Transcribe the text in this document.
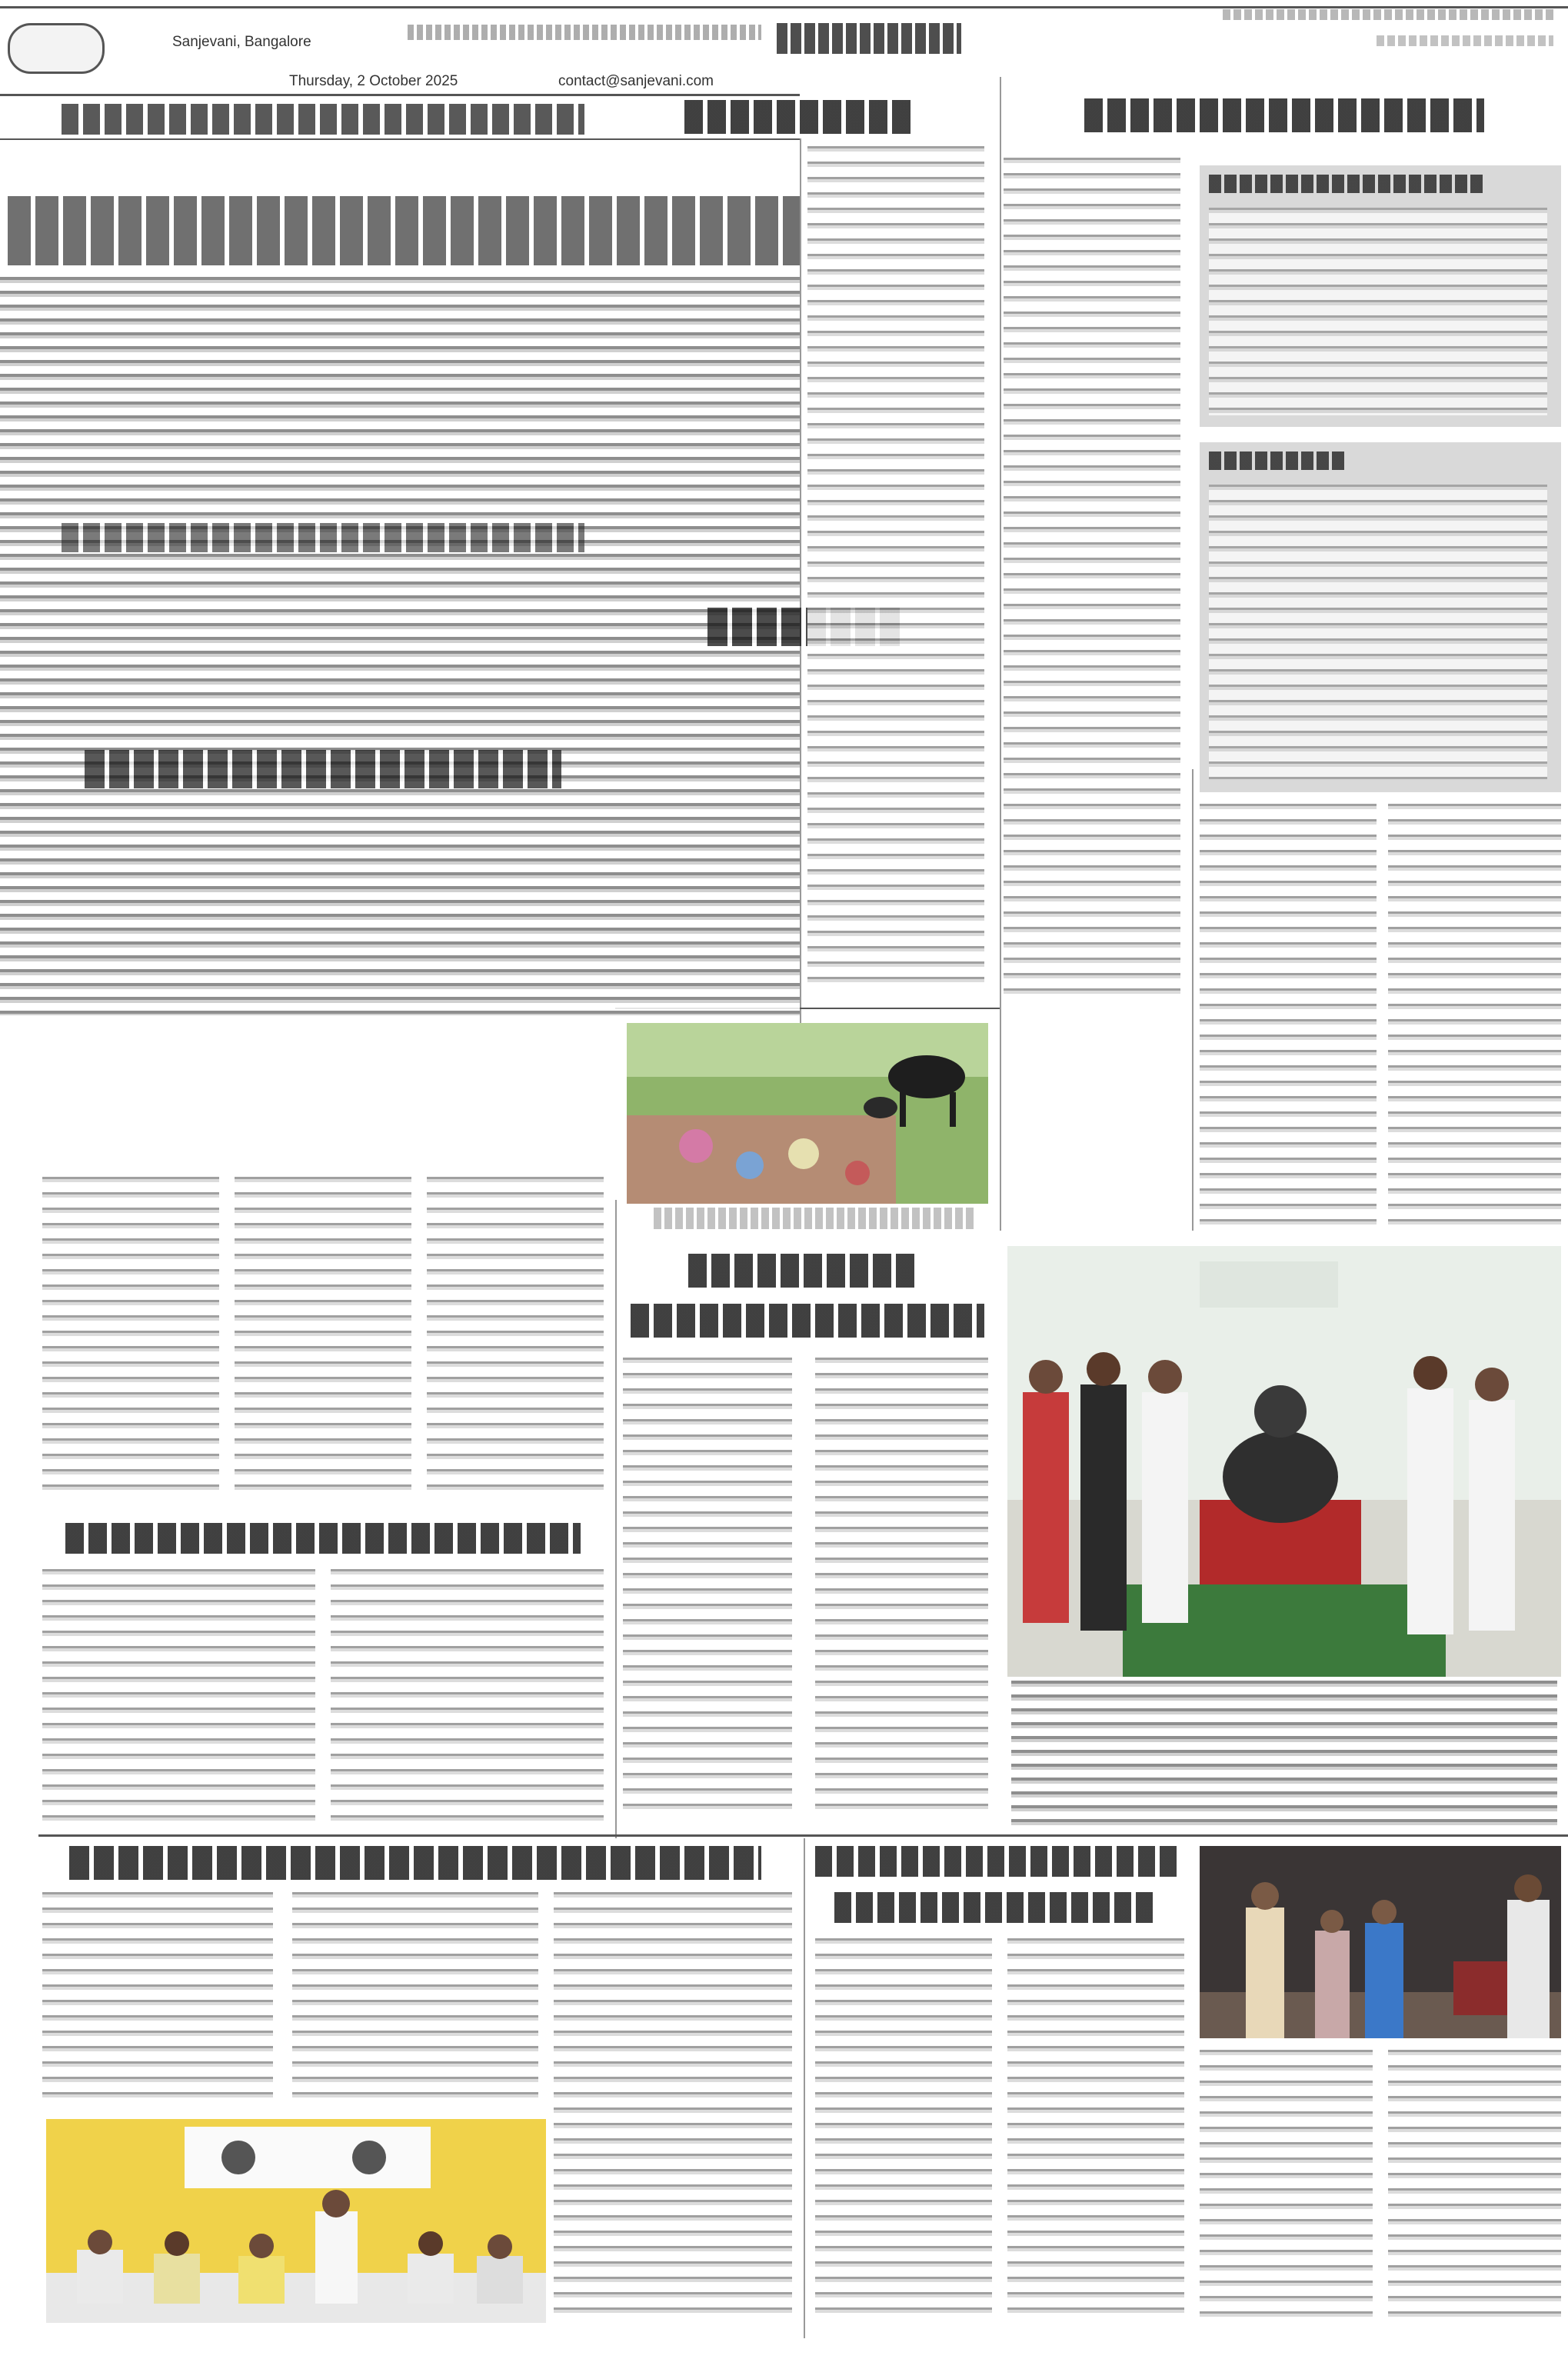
Sanjevani, Bangalore
Thursday, 2 October 2025	contact@sanjevani.com
